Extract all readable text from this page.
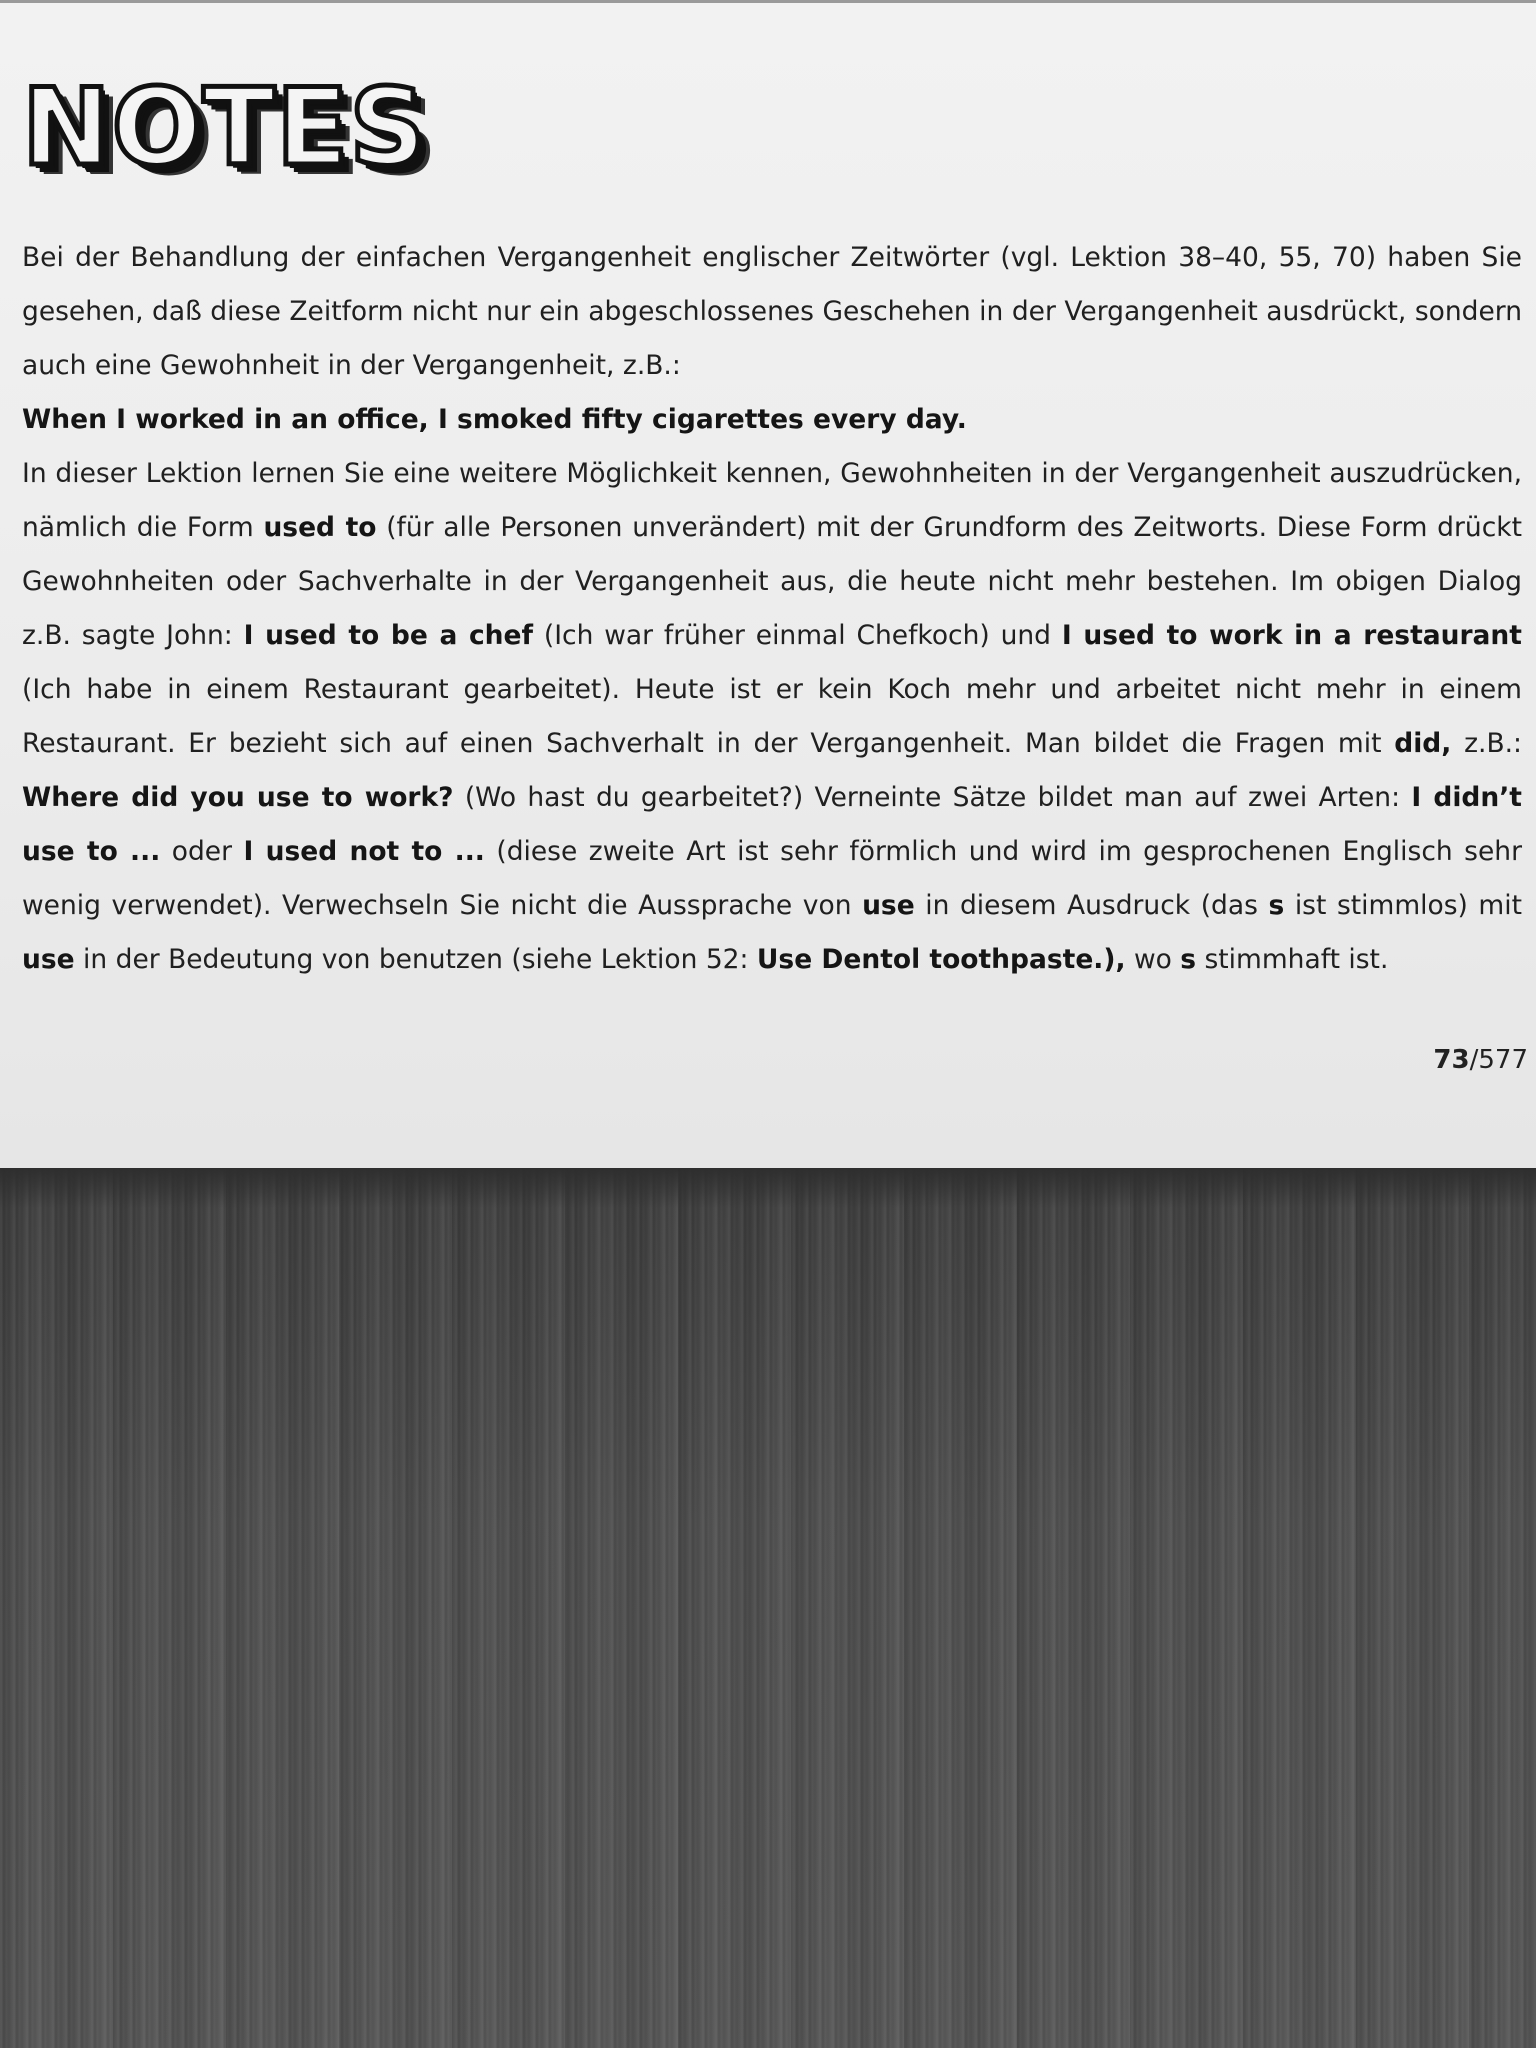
NOTES

Bei der Behandlung der einfachen Vergangenheit englischer Zeitwörter (vgl. Lektion 38–40, 55, 70) haben Sie gesehen, daß diese Zeitform nicht nur ein abgeschlossenes Geschehen in der Vergangenheit ausdrückt, sondern auch eine Gewohnheit in der Vergangenheit, z.B.:

When I worked in an office, I smoked fifty cigarettes every day.

In dieser Lektion lernen Sie eine weitere Möglichkeit kennen, Gewohnheiten in der Vergangenheit auszudrücken, nämlich die Form used to (für alle Personen unverändert) mit der Grundform des Zeitworts. Diese Form drückt Gewohnheiten oder Sachverhalte in der Vergangenheit aus, die heute nicht mehr bestehen. Im obigen Dialog z.B. sagte John: I used to be a chef (Ich war früher einmal Chefkoch) und I used to work in a restaurant (Ich habe in einem Restaurant gearbeitet). Heute ist er kein Koch mehr und arbeitet nicht mehr in einem Restaurant. Er bezieht sich auf einen Sachverhalt in der Vergangenheit. Man bildet die Fragen mit did, z.B.: Where did you use to work? (Wo hast du gearbeitet?) Verneinte Sätze bildet man auf zwei Arten: I didn’t use to ... oder I used not to ... (diese zweite Art ist sehr förmlich und wird im gesprochenen Englisch sehr wenig verwendet). Verwechseln Sie nicht die Aussprache von use in diesem Ausdruck (das s ist stimmlos) mit use in der Bedeutung von benutzen (siehe Lektion 52: Use Dentol toothpaste.), wo s stimmhaft ist.

73/577
